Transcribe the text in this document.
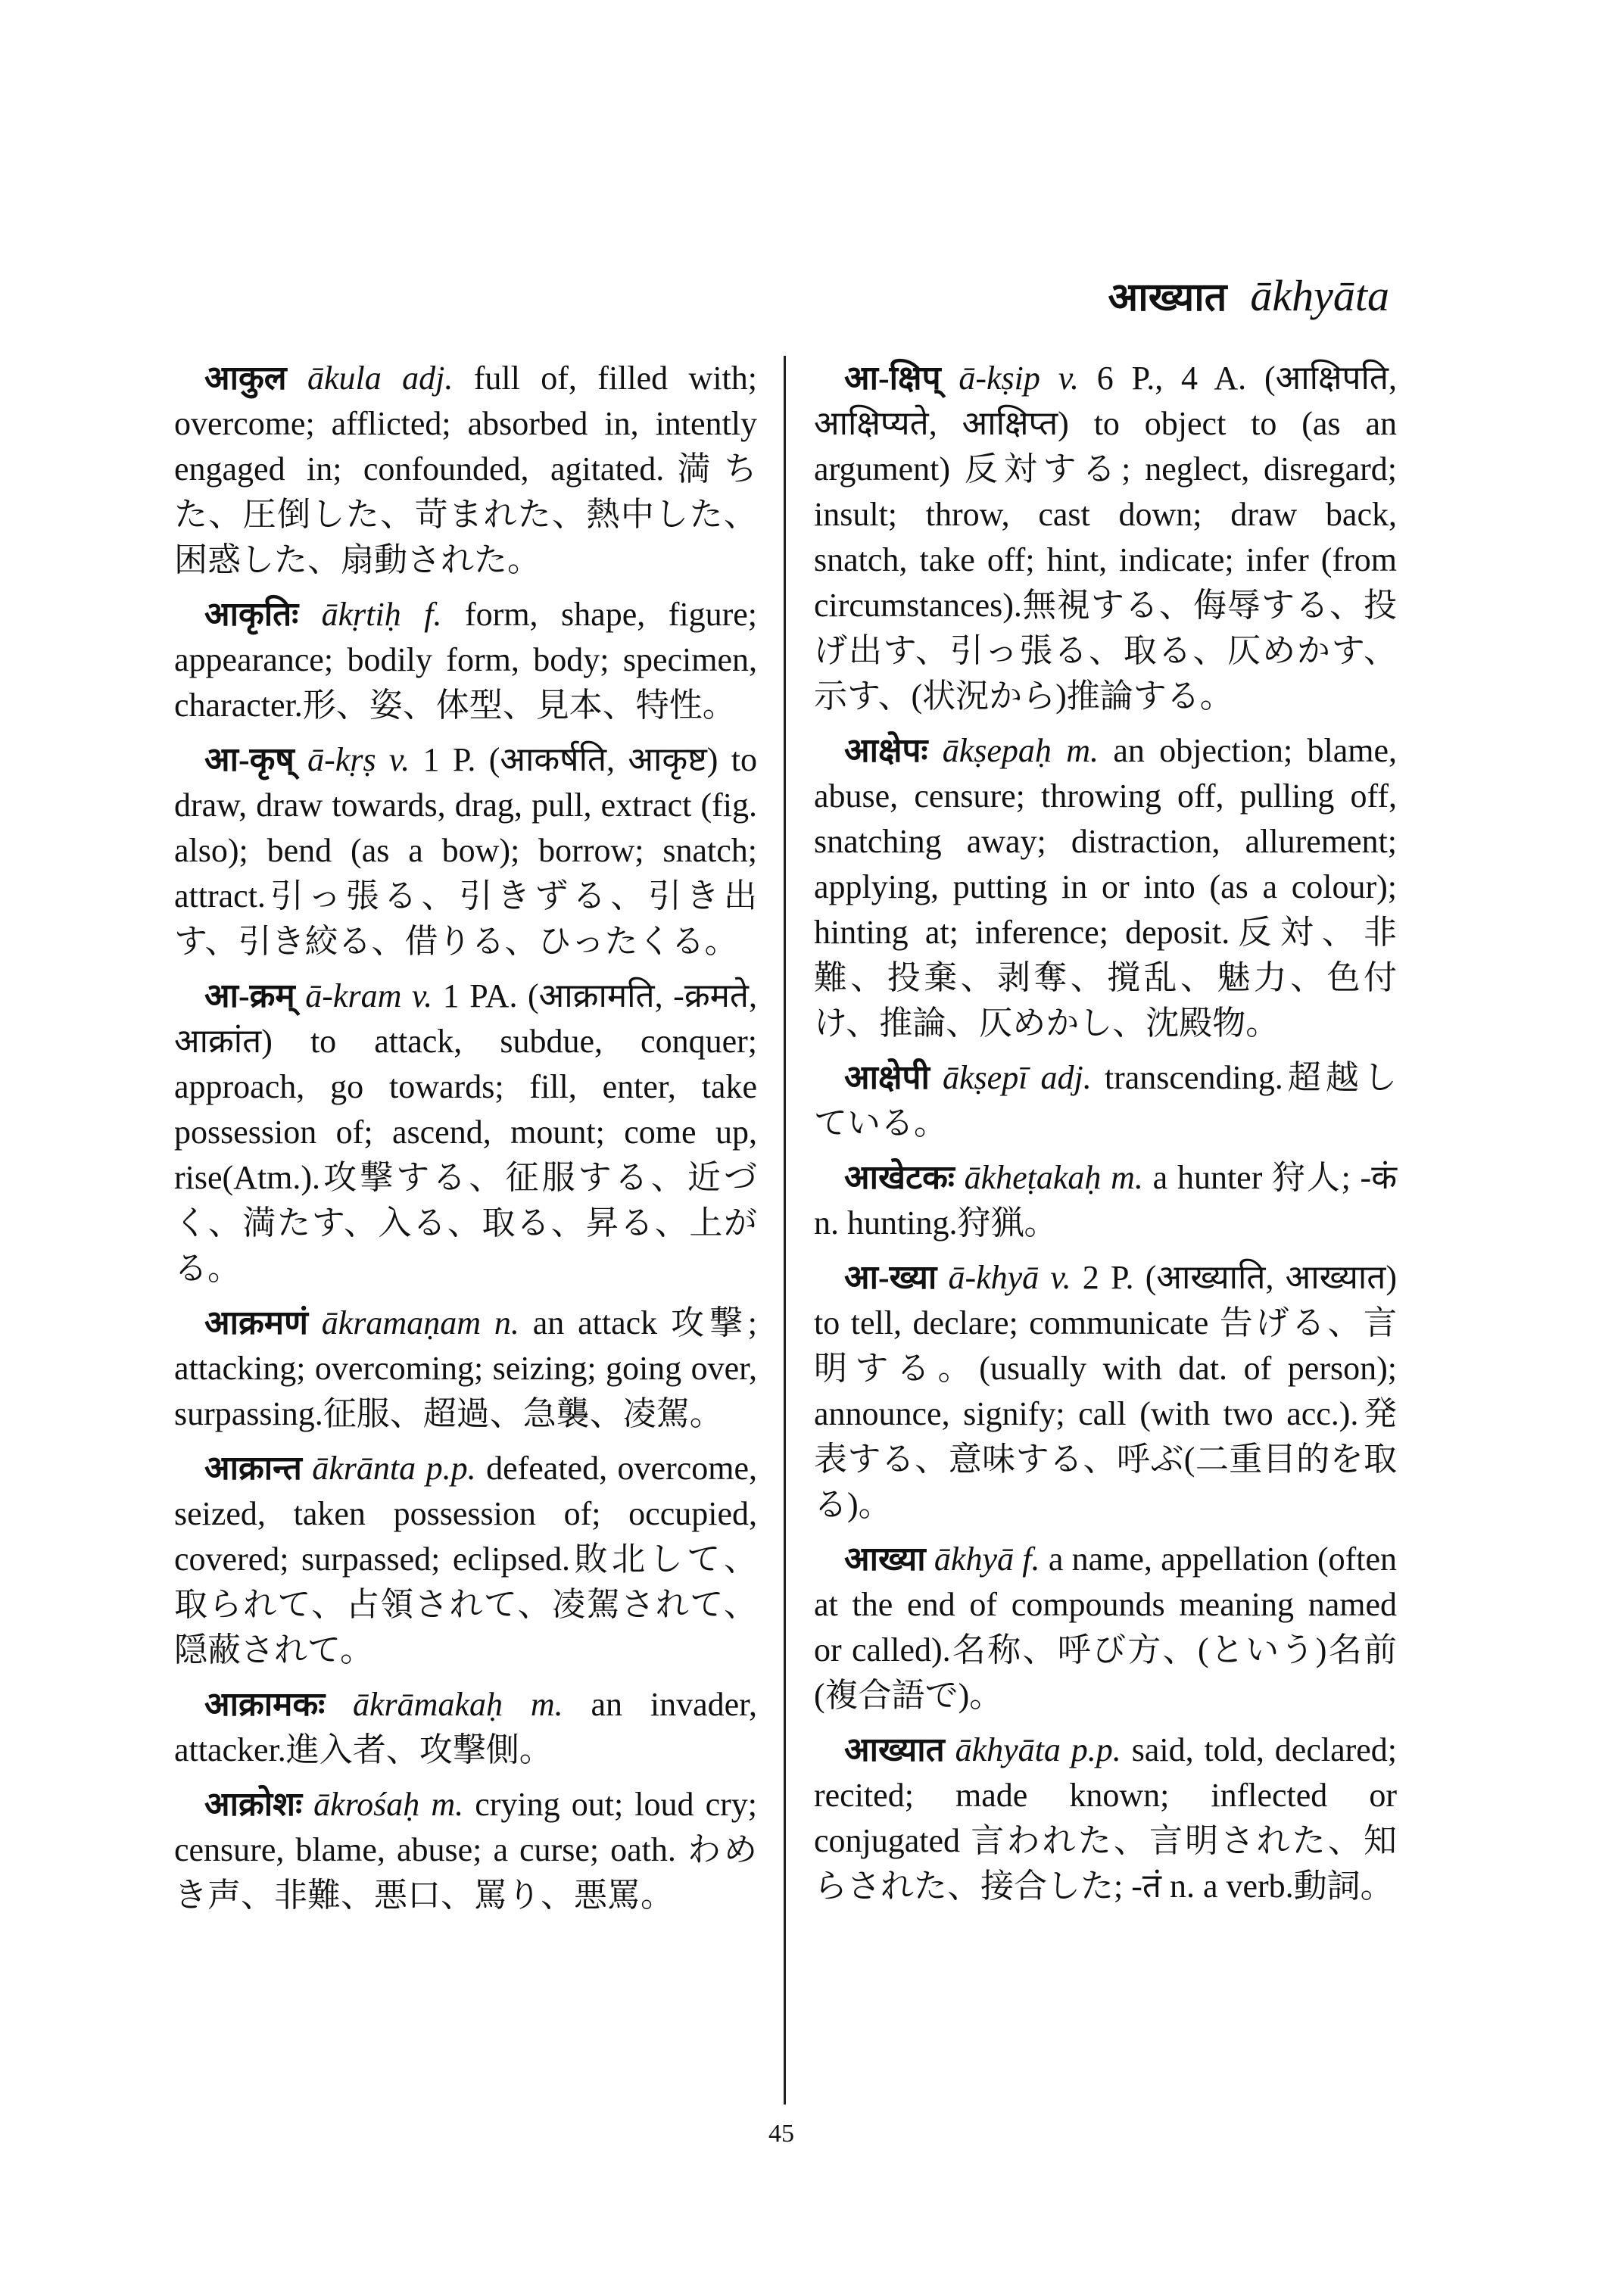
आख्यात ākhyāta

आकुल ākula adj. full of, filled with; overcome; afflicted; absorbed in, intently engaged in; confounded, agitated.満ちた、圧倒した、苛まれた、熱中した、困惑した、扇動された。

आकृतिः ākṛtiḥ f. form, shape, figure; appearance; bodily form, body; specimen, character.形、姿、体型、見本、特性。

आ-कृष् ā-kṛṣ v. 1 P. (आकर्षति, आकृष्ट) to draw, draw towards, drag, pull, extract (fig. also); bend (as a bow); borrow; snatch; attract.引っ張る、引きずる、引き出す、引き絞る、借りる、ひったくる。

आ-क्रम् ā-kram v. 1 PA. (आक्रामति, -क्रमते, आक्रांत) to attack, subdue, conquer; approach, go towards; fill, enter, take possession of; ascend, mount; come up, rise(Atm.).攻撃する、征服する、近づく、満たす、入る、取る、昇る、上がる。

आक्रमणं ākramaṇam n. an attack 攻撃; attacking; overcoming; seizing; going over, surpassing.征服、超過、急襲、凌駕。

आक्रान्त ākrānta p.p. defeated, overcome, seized, taken possession of; occupied, covered; surpassed; eclipsed.敗北して、取られて、占領されて、凌駕されて、隠蔽されて。

आक्रामकः ākrāmakaḥ m. an invader, attacker.進入者、攻撃側。

आक्रोशः ākrośaḥ m. crying out; loud cry; censure, blame, abuse; a curse; oath. わめき声、非難、悪口、罵り、悪罵。

आ-क्षिप् ā-kṣip v. 6 P., 4 A. (आक्षिपति, आक्षिप्यते, आक्षिप्त) to object to (as an argument) 反対する; neglect, disregard; insult; throw, cast down; draw back, snatch, take off; hint, indicate; infer (from circumstances).無視する、侮辱する、投げ出す、引っ張る、取る、仄めかす、示す、(状況から)推論する。

आक्षेपः ākṣepaḥ m. an objection; blame, abuse, censure; throwing off, pulling off, snatching away; distraction, allurement; applying, putting in or into (as a colour); hinting at; inference; deposit.反対、非難、投棄、剥奪、撹乱、魅力、色付け、推論、仄めかし、沈殿物。

आक्षेपी ākṣepī adj. transcending.超越している。

आखेटकः ākheṭakaḥ m. a hunter 狩人; -कं n. hunting.狩猟。

आ-ख्या ā-khyā v. 2 P. (आख्याति, आख्यात) to tell, declare; communicate 告げる、言明する。(usually with dat. of person); announce, signify; call (with two acc.).発表する、意味する、呼ぶ(二重目的を取る)。

आख्या ākhyā f. a name, appellation (often at the end of compounds meaning named or called).名称、呼び方、(という)名前(複合語で)。

आख्यात ākhyāta p.p. said, told, declared; recited; made known; inflected or conjugated 言われた、言明された、知らされた、接合した; -तं n. a verb.動詞。

45
